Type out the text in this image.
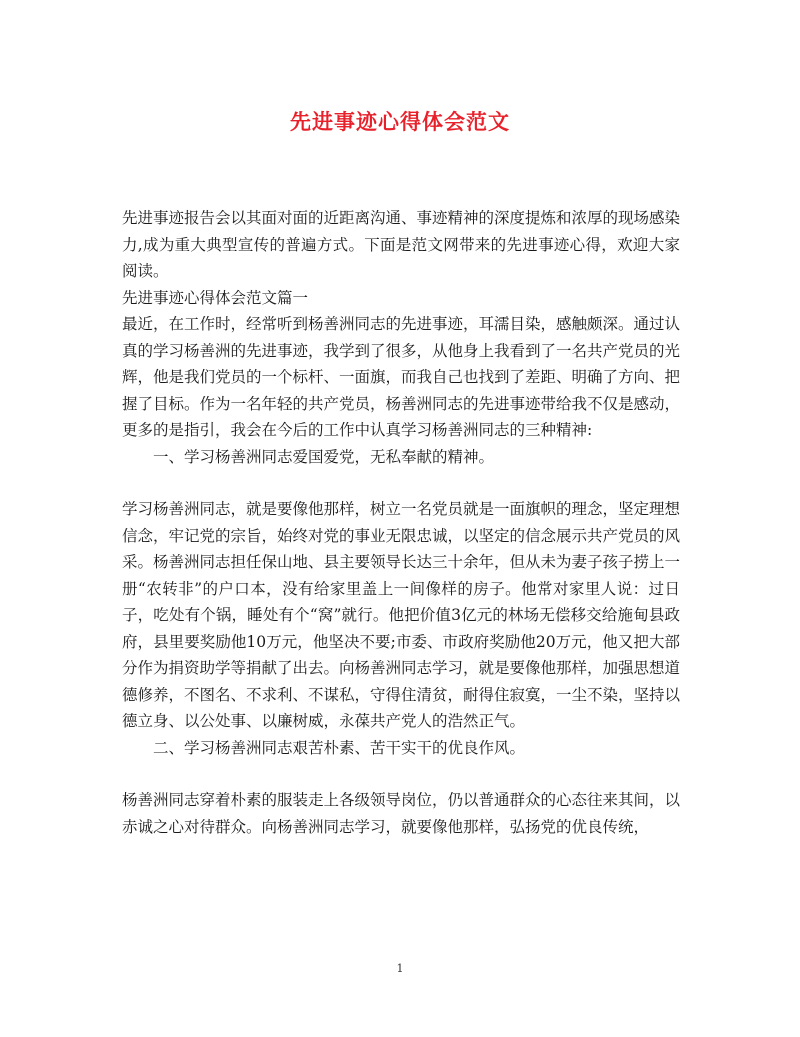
先进事迹心得体会范文

先进事迹报告会以其面对面的近距离沟通、事迹精神的深度提炼和浓厚的现场感染力,成为重大典型宣传的普遍方式。下面是范文网带来的先进事迹心得，欢迎大家阅读。

先进事迹心得体会范文篇一

最近，在工作时，经常听到杨善洲同志的先进事迹，耳濡目染，感触颇深。通过认真的学习杨善洲的先进事迹，我学到了很多，从他身上我看到了一名共产党员的光辉，他是我们党员的一个标杆、一面旗，而我自己也找到了差距、明确了方向、把握了目标。作为一名年轻的共产党员，杨善洲同志的先进事迹带给我不仅是感动，更多的是指引，我会在今后的工作中认真学习杨善洲同志的三种精神:

一、学习杨善洲同志爱国爱党，无私奉献的精神。

学习杨善洲同志，就是要像他那样，树立一名党员就是一面旗帜的理念，坚定理想信念，牢记党的宗旨，始终对党的事业无限忠诚，以坚定的信念展示共产党员的风采。杨善洲同志担任保山地、县主要领导长达三十余年，但从未为妻子孩子捞上一册“农转非”的户口本，没有给家里盖上一间像样的房子。他常对家里人说：过日子，吃处有个锅，睡处有个“窝”就行。他把价值3亿元的林场无偿移交给施甸县政府，县里要奖励他10万元，他坚决不要;市委、市政府奖励他20万元，他又把大部分作为捐资助学等捐献了出去。向杨善洲同志学习，就是要像他那样，加强思想道德修养，不图名、不求利、不谋私，守得住清贫，耐得住寂寞，一尘不染，坚持以德立身、以公处事、以廉树威，永葆共产党人的浩然正气。

二、学习杨善洲同志艰苦朴素、苦干实干的优良作风。

杨善洲同志穿着朴素的服装走上各级领导岗位，仍以普通群众的心态往来其间，以赤诚之心对待群众。向杨善洲同志学习，就要像他那样，弘扬党的优良传统，

1
